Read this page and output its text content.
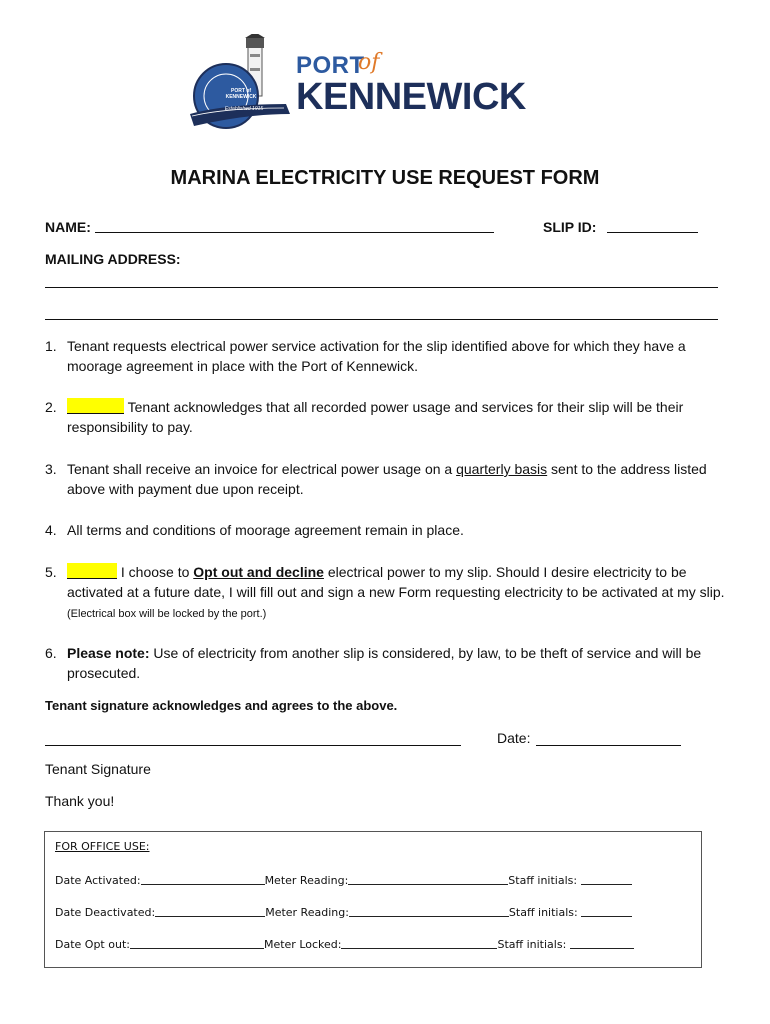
PORT of KENNEWICK
Established 1915
PORT
of
KENNEWICK
MARINA ELECTRICITY USE REQUEST FORM
NAME:	SLIP ID:
MAILING ADDRESS:
1. Tenant requests electrical power service activation for the slip identified above for which they have a moorage agreement in place with the Port of Kennewick.
2.	Tenant acknowledges that all recorded power usage and services for their slip will be their responsibility to pay.
3. Tenant shall receive an invoice for electrical power usage on a quarterly basis sent to the address listed above with payment due upon receipt.
4. All terms and conditions of moorage agreement remain in place.
5.	I choose to Opt out and decline electrical power to my slip. Should I desire electricity to be activated at a future date, I will fill out and sign a new Form requesting electricity to be activated at my slip. (Electrical box will be locked by the port.)
6. Please note: Use of electricity from another slip is considered, by law, to be theft of service and will be prosecuted.
Tenant signature acknowledges and agrees to the above.
Date:
Tenant Signature
Thank you!
FOR OFFICE USE:
Date Activated:	Meter Reading:	Staff initials:
Date Deactivated:	Meter Reading:	Staff initials:
Date Opt out:	Meter Locked:	Staff initials:
